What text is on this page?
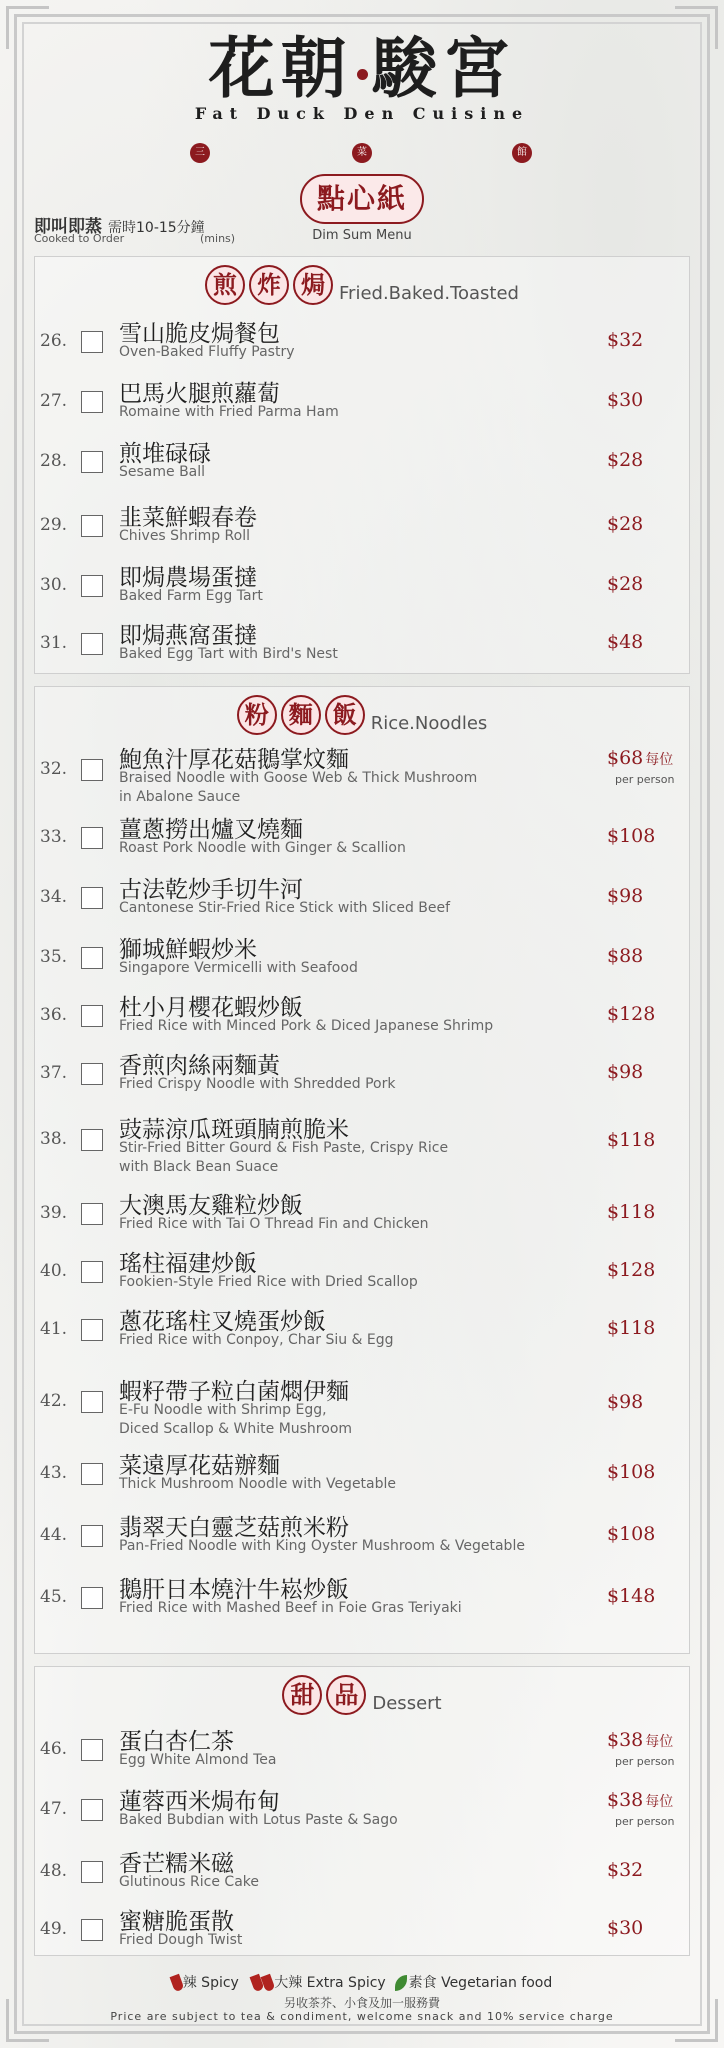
花朝 駿宮
Fat Duck Den Cuisine
三	菜	館
即叫即蒸 需時10-15分鐘
Cooked to Order	(mins)
點心紙
Dim Sum Menu
煎 炸 焗 Fried.Baked.Toasted
26. 雪山脆皮焗餐包
Oven-Baked Fluffy Pastry
$32
27. 巴馬火腿煎蘿蔔
Romaine with Fried Parma Ham
$30
28. 煎堆碌碌
Sesame Ball
$28
29. 韭菜鮮蝦春卷
Chives Shrimp Roll
$28
30. 即焗農場蛋撻
Baked Farm Egg Tart
$28
31. 即焗燕窩蛋撻
Baked Egg Tart with Bird's Nest
$48
粉 麵 飯 Rice.Noodles
32. 鮑魚汁厚花菇鵝掌炆麵
Braised Noodle with Goose Web & Thick Mushroom
in Abalone Sauce
$68 每位
per person
33. 薑蔥撈出爐叉燒麵
Roast Pork Noodle with Ginger & Scallion
$108
34. 古法乾炒手切牛河
Cantonese Stir-Fried Rice Stick with Sliced Beef
$98
35. 獅城鮮蝦炒米
Singapore Vermicelli with Seafood
$88
36. 杜小月櫻花蝦炒飯
Fried Rice with Minced Pork & Diced Japanese Shrimp
$128
37. 香煎肉絲兩麵黃
Fried Crispy Noodle with Shredded Pork
$98
38. 豉蒜涼瓜斑頭腩煎脆米
Stir-Fried Bitter Gourd & Fish Paste, Crispy Rice
with Black Bean Suace
$118
39. 大澳馬友雞粒炒飯
Fried Rice with Tai O Thread Fin and Chicken
$118
40. 瑤柱福建炒飯
Fookien-Style Fried Rice with Dried Scallop
$128
41. 蔥花瑤柱叉燒蛋炒飯
Fried Rice with Conpoy, Char Siu & Egg
$118
42. 蝦籽帶子粒白菌燜伊麵
E-Fu Noodle with Shrimp Egg,
Diced Scallop & White Mushroom
$98
43. 菜遠厚花菇辦麵
Thick Mushroom Noodle with Vegetable
$108
44. 翡翠天白靈芝菇煎米粉
Pan-Fried Noodle with King Oyster Mushroom & Vegetable
$108
45. 鵝肝日本燒汁牛崧炒飯
Fried Rice with Mashed Beef in Foie Gras Teriyaki
$148
甜 品 Dessert
46. 蛋白杏仁茶
Egg White Almond Tea
$38 每位
per person
47. 蓮蓉西米焗布甸
Baked Bubdian with Lotus Paste & Sago
$38 每位
per person
48. 香芒糯米磁
Glutinous Rice Cake
$32
49. 蜜糖脆蛋散
Fried Dough Twist
$30
辣 Spicy	大辣 Extra Spicy 素食 Vegetarian food
另收茶芥、小食及加一服務費
Price are subject to tea & condiment, welcome snack and 10% service charge
